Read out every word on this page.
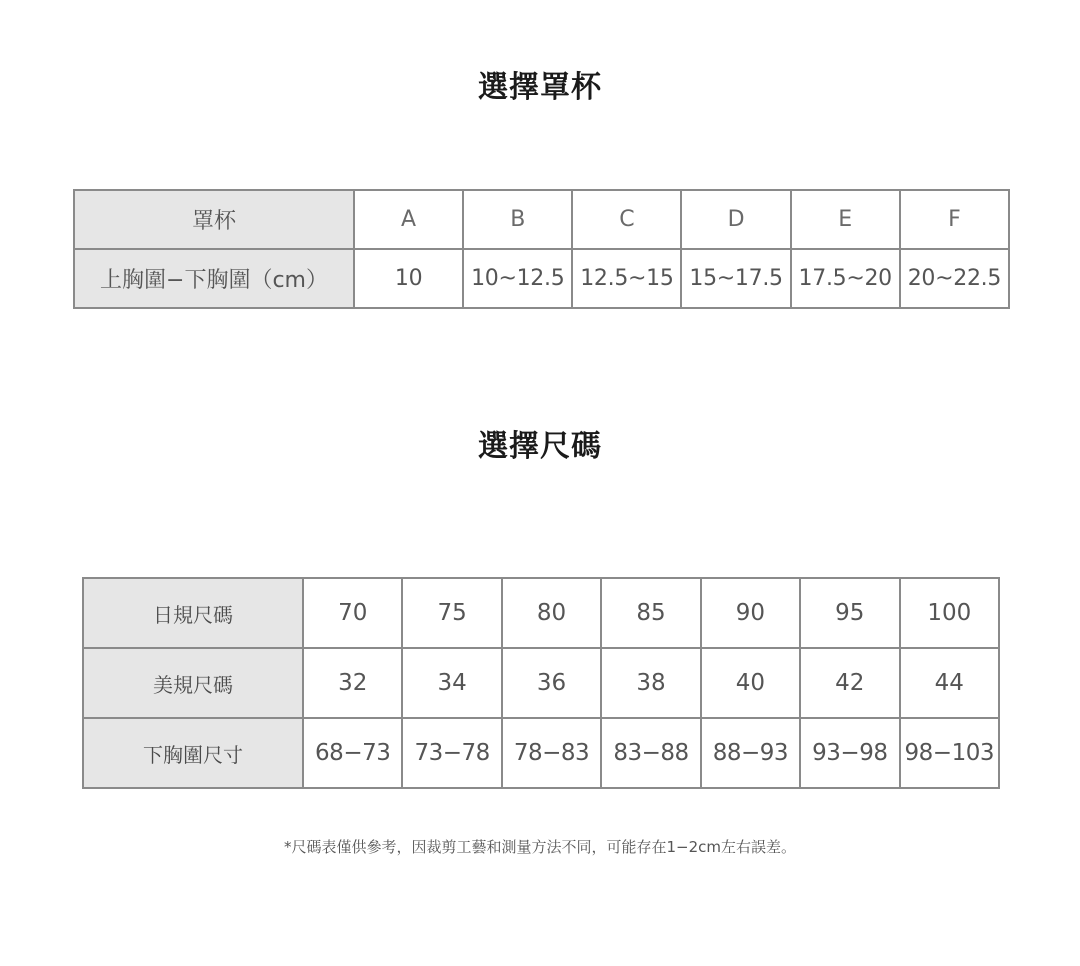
選擇罩杯
罩杯	A	B	C	D	E	F
上胸圍−下胸圍（cm）	10	10~12.5	12.5~15	15~17.5	17.5~20	20~22.5
選擇尺碼
日規尺碼	70	75	80	85	90	95	100
美規尺碼	32	34	36	38	40	42	44
下胸圍尺寸	68−73	73−78	78−83	83−88	88−93	93−98	98−103

*尺碼表僅供參考，因裁剪工藝和測量方法不同，可能存在1−2cm左右誤差。
